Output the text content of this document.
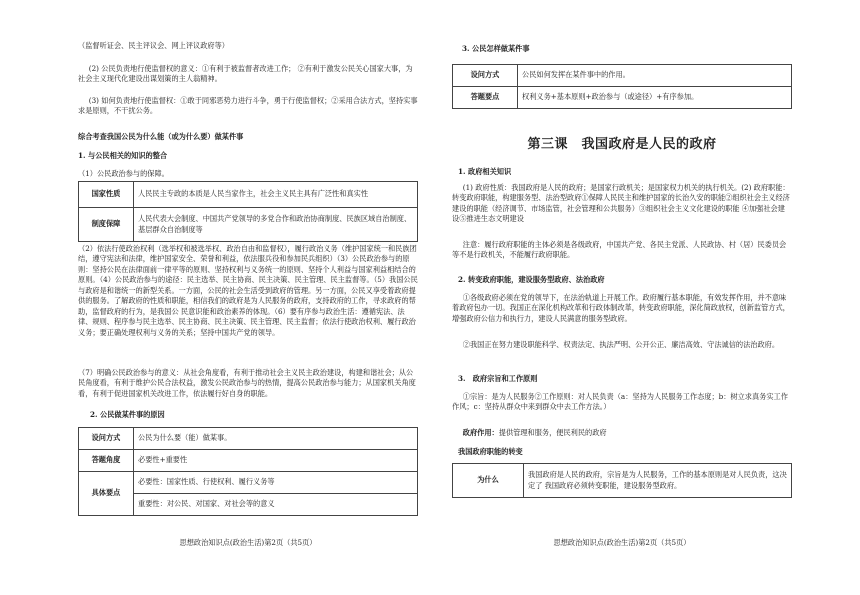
（监督听证会、民主评议会、网上评议政府等）

(2) 公民负责地行使监督权的意义：①有利于被监督者改进工作； ②有利于激发公民关心国家大事，为社会主义现代化建设出谋划策的主人翁精神。

(3) 如何负责地行使监督权：①敢于同邪恶势力进行斗争，勇于行使监督权；②采用合法方式，坚持实事求是原则，不干扰公务。

综合考查我国公民为什么能（或为什么要）做某件事

1. 与公民相关的知识的整合

（1）公民政治参与的保障。

国家性质	人民民主专政的本质是人民当家作主，社会主义民主具有广泛性和真实性
制度保障	人民代表大会制度、中国共产党领导的多党合作和政治协商制度、民族区域自治制度、基层群众自治制度等

（2）依法行使政治权利（选举权和被选举权、政治自由和监督权），履行政治义务（维护国家统一和民族团结，遵守宪法和法律，维护国家安全、荣誉和利益，依法服兵役和参加民兵组织）（3）公民政治参与的原则：坚持公民在法律面前一律平等的原则、坚持权利与义务统一的原则、坚持个人利益与国家利益相结合的原则。（4）公民政治参与的途径：民主选举、民主协商、民主决策、民主管理、民主监督等。（5）我国公民与政府是和谐统一的新型关系。一方面，公民的社会生活受到政府的管理。另一方面，公民又享受着政府提供的服务。了解政府的性质和职能，相信我们的政府是为人民服务的政府，支持政府的工作，寻求政府的帮助，监督政府的行为，是我国公 民意识能和政治素养的体现。（6）要有序参与政治生活：遵循宪法、法律、规则、程序参与民主选举、民主协商、民主决策、民主管理、民主监督；依法行使政治权利、履行政治义务；要正确处理权利与义务的关系；坚持中国共产党的领导。

（7）明确公民政治参与的意义：从社会角度看，有利于推动社会主义民主政治建设，构建和谐社会；从公民角度看，有利于维护公民合法权益，激发公民政治参与的热情，提高公民政治参与能力；从国家机关角度看，有利于促进国家机关改进工作，依法履行好自身的职能。

2. 公民做某件事的原因

设问方式	公民为什么要（能）做某事。
答题角度	必要性+重要性
具体要点	必要性：国家性质、行使权利、履行义务等
	重要性：对公民、对国家、对社会等的意义

思想政治知识点(政治生活)第2页（共5页）

3. 公民怎样做某件事

设问方式	公民如何发挥在某件事中的作用。
答题要点	权利义务+基本原则+政治参与（或途径）+有序参加。

第三课　我国政府是人民的政府

1. 政府相关知识

(1) 政府性质：我国政府是人民的政府；是国家行政机关；是国家权力机关的执行机关。(2) 政府职能：转变政府职能，构建服务型、法治型政府①保障人民民主和维护国家的长治久安的职能②组织社会主义经济建设的职能（经济调节、市场监管，社会管理和公共服务）③组织社会主义文化建设的职能 ④加强社会建设⑤推进生态文明建设

注意：履行政府职能的主体必须是各级政府，中国共产党、各民主党派、人民政协、村（居）民委员会等不是行政机关，不能履行政府职能。

2. 转变政府职能，建设服务型政府、法治政府

①各级政府必须在党的领导下，在法治轨道上开展工作。政府履行基本职能，有效发挥作用，并不意味着政府包办一切。我国正在深化机构改革和行政体制改革，转变政府职能，深化简政放权，创新监管方式，增强政府公信力和执行力，建设人民满意的服务型政府。

②我国正在努力建设职能科学、权责法定、执法严明、公开公正、廉洁高效、守法诚信的法治政府。

3.　政府宗旨和工作原则

①宗旨：是为人民服务②工作原则：对人民负责（a：坚持为人民服务工作态度；b：树立求真务实工作作风；c：坚持从群众中来到群众中去工作方法。）

政府作用：提供管理和服务，便民利民的政府

我国政府职能的转变

为什么	我国政府是人民的政府，宗旨是为人民服务，工作的基本原则是对人民负责，这决定了 我国政府必须转变职能，建设服务型政府。

思想政治知识点(政治生活)第2页（共5页）
